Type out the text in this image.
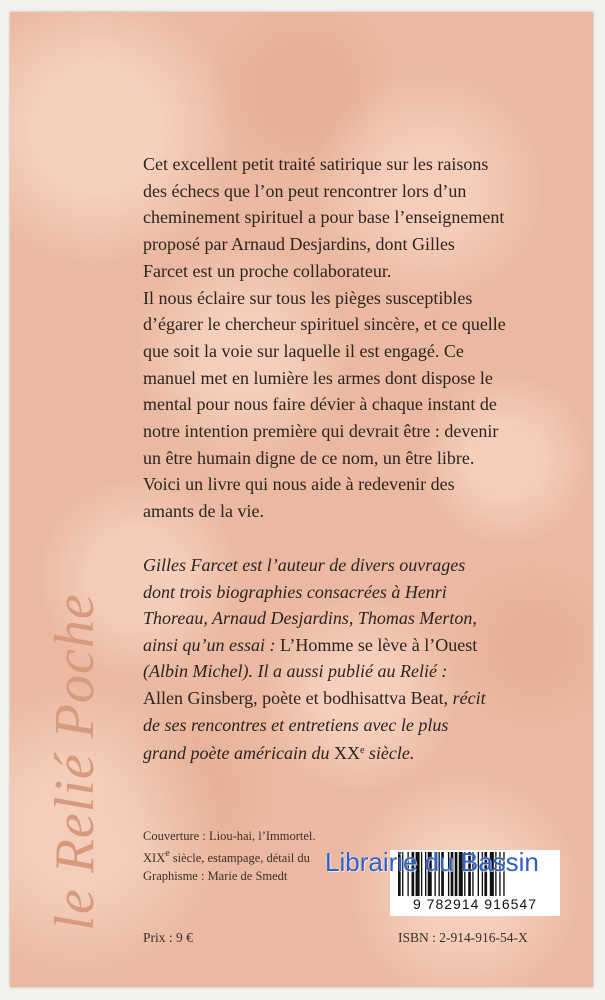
Cet excellent petit traité satirique sur les raisons
des échecs que l’on peut rencontrer lors d’un
cheminement spirituel a pour base l’enseignement
proposé par Arnaud Desjardins, dont Gilles
Farcet est un proche collaborateur.
Il nous éclaire sur tous les pièges susceptibles
d’égarer le chercheur spirituel sincère, et ce quelle
que soit la voie sur laquelle il est engagé. Ce
manuel met en lumière les armes dont dispose le
mental pour nous faire dévier à chaque instant de
notre intention première qui devrait être : devenir
un être humain digne de ce nom, un être libre.
Voici un livre qui nous aide à redevenir des
amants de la vie.
Gilles Farcet est l’auteur de divers ouvrages
dont trois biographies consacrées à Henri
Thoreau, Arnaud Desjardins, Thomas Merton,
ainsi qu’un essai : L’Homme se lève à l’Ouest
(Albin Michel). Il a aussi publié au Relié :
Allen Ginsberg, poète et bodhisattva Beat, récit
de ses rencontres et entretiens avec le plus
grand poète américain du XXe siècle.
le Relié Poche	Couverture : Liou-hai, l’Immortel.
XIXe siècle, estampage, détail du
Graphisme : Marie de Smedt
Prix : 9 €
9 782914 916547
ISBN : 2-914-916-54-X
Librairie du Bassin
